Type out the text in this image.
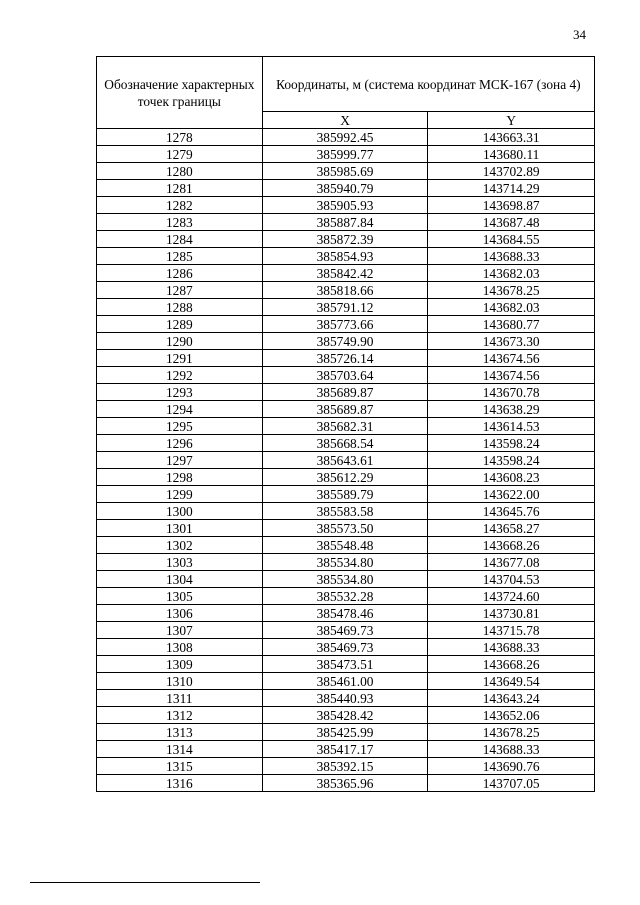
34
Обозначение характерных точек границы	Координаты, м (система координат МСК-167 (зона 4)	
	X	Y
1278	385992.45	143663.31
1279	385999.77	143680.11
1280	385985.69	143702.89
1281	385940.79	143714.29
1282	385905.93	143698.87
1283	385887.84	143687.48
1284	385872.39	143684.55
1285	385854.93	143688.33
1286	385842.42	143682.03
1287	385818.66	143678.25
1288	385791.12	143682.03
1289	385773.66	143680.77
1290	385749.90	143673.30
1291	385726.14	143674.56
1292	385703.64	143674.56
1293	385689.87	143670.78
1294	385689.87	143638.29
1295	385682.31	143614.53
1296	385668.54	143598.24
1297	385643.61	143598.24
1298	385612.29	143608.23
1299	385589.79	143622.00
1300	385583.58	143645.76
1301	385573.50	143658.27
1302	385548.48	143668.26
1303	385534.80	143677.08
1304	385534.80	143704.53
1305	385532.28	143724.60
1306	385478.46	143730.81
1307	385469.73	143715.78
1308	385469.73	143688.33
1309	385473.51	143668.26
1310	385461.00	143649.54
1311	385440.93	143643.24
1312	385428.42	143652.06
1313	385425.99	143678.25
1314	385417.17	143688.33
1315	385392.15	143690.76
1316	385365.96	143707.05
